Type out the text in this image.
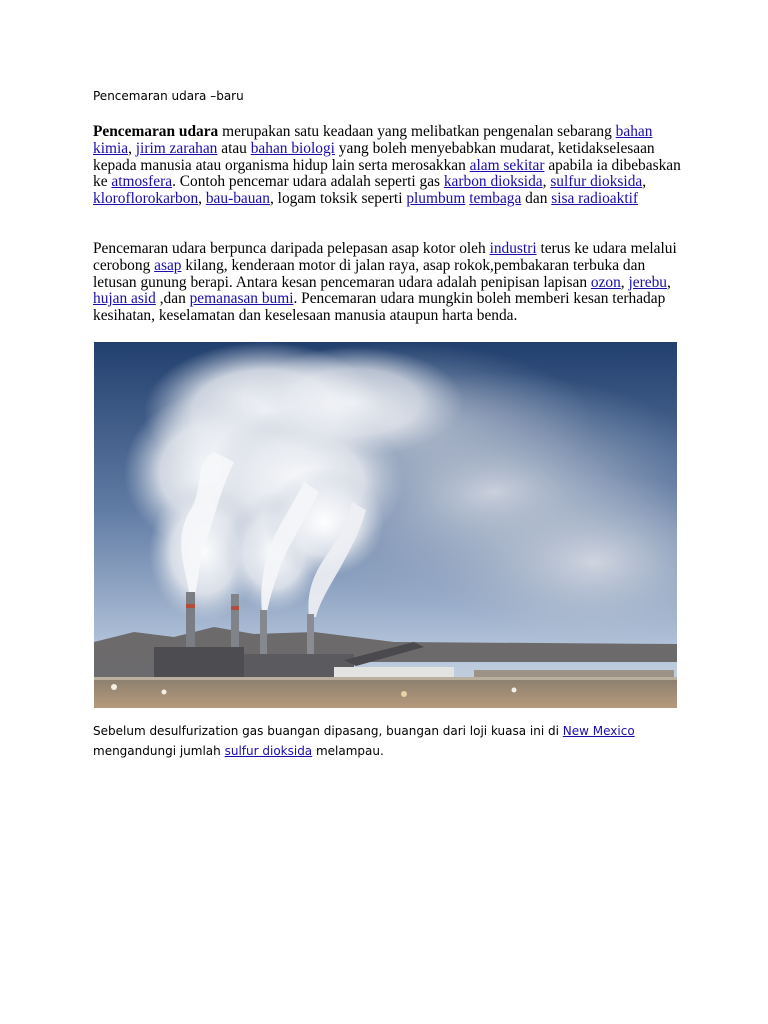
Pencemaran udara –baru

Pencemaran udara merupakan satu keadaan yang melibatkan pengenalan sebarang bahan kimia, jirim zarahan atau bahan biologi yang boleh menyebabkan mudarat, ketidakselesaan kepada manusia atau organisma hidup lain serta merosakkan alam sekitar apabila ia dibebaskan ke atmosfera. Contoh pencemar udara adalah seperti gas karbon dioksida, sulfur dioksida, kloroflorokarbon, bau-bauan, logam toksik seperti plumbum tembaga dan sisa radioaktif

Pencemaran udara berpunca daripada pelepasan asap kotor oleh industri terus ke udara melalui cerobong asap kilang, kenderaan motor di jalan raya, asap rokok,pembakaran terbuka dan letusan gunung berapi. Antara kesan pencemaran udara adalah penipisan lapisan ozon, jerebu, hujan asid ,dan pemanasan bumi. Pencemaran udara mungkin boleh memberi kesan terhadap kesihatan, keselamatan dan keselesaan manusia ataupun harta benda.

Sebelum desulfurization gas buangan dipasang, buangan dari loji kuasa ini di New Mexico mengandungi jumlah sulfur dioksida melampau.
